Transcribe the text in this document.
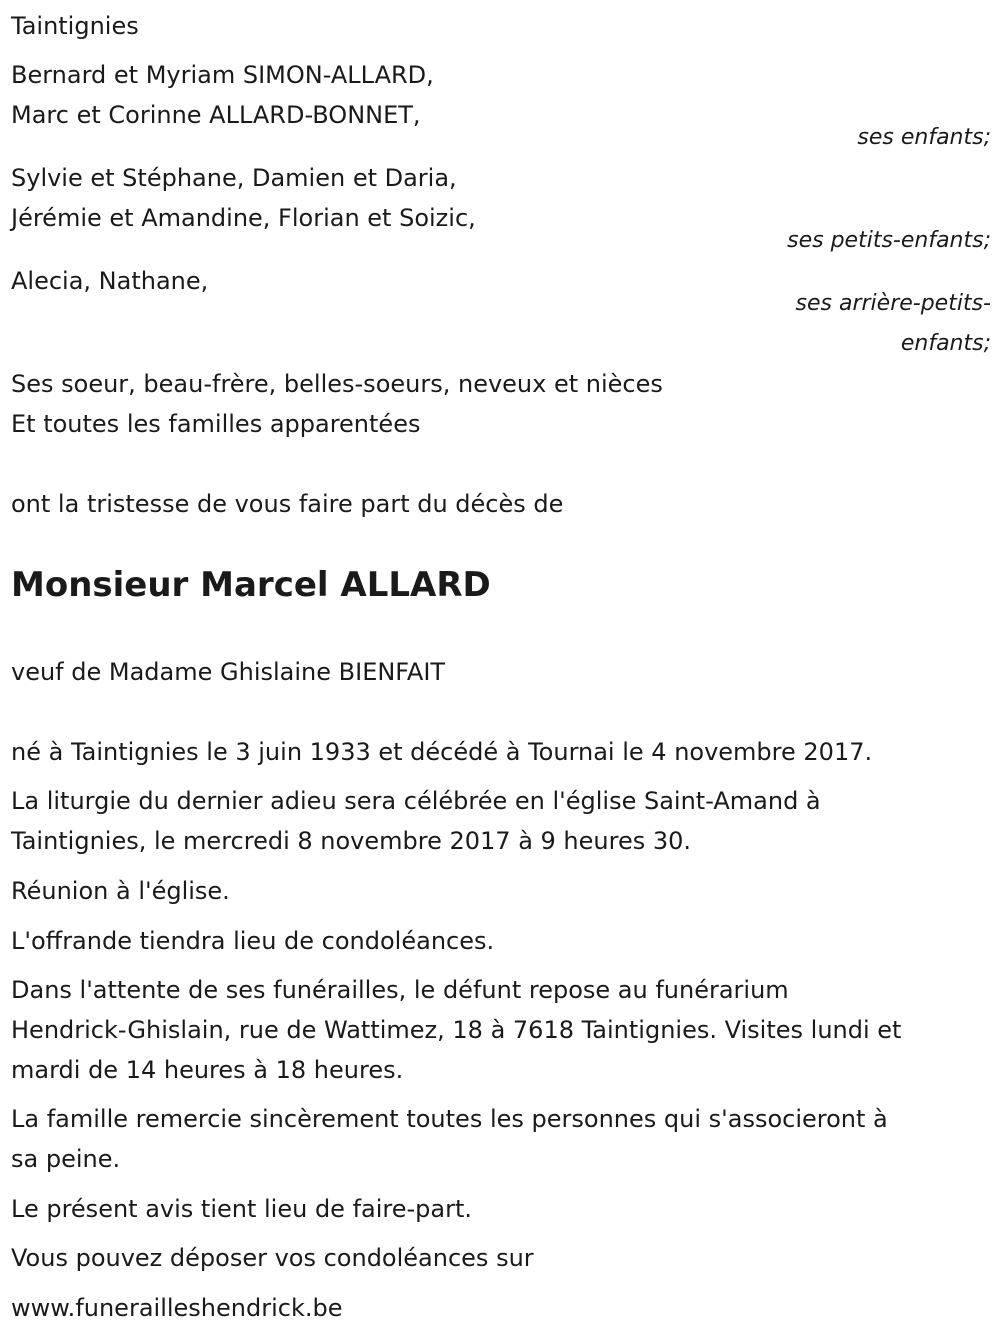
Taintignies
Bernard et Myriam SIMON-ALLARD,
Marc et Corinne ALLARD-BONNET,
ses enfants;
Sylvie et Stéphane, Damien et Daria,
Jérémie et Amandine, Florian et Soizic,
ses petits-enfants;
Alecia, Nathane,
ses arrière-petits-
enfants;
Ses soeur, beau-frère, belles-soeurs, neveux et nièces
Et toutes les familles apparentées
ont la tristesse de vous faire part du décès de
Monsieur Marcel ALLARD
veuf de Madame Ghislaine BIENFAIT
né à Taintignies le 3 juin 1933 et décédé à Tournai le 4 novembre 2017.
La liturgie du dernier adieu sera célébrée en l'église Saint-Amand à
Taintignies, le mercredi 8 novembre 2017 à 9 heures 30.
Réunion à l'église.
L'offrande tiendra lieu de condoléances.
Dans l'attente de ses funérailles, le défunt repose au funérarium
Hendrick-Ghislain, rue de Wattimez, 18 à 7618 Taintignies. Visites lundi et
mardi de 14 heures à 18 heures.
La famille remercie sincèrement toutes les personnes qui s'associeront à
sa peine.
Le présent avis tient lieu de faire-part.
Vous pouvez déposer vos condoléances sur
www.funerailleshendrick.be
